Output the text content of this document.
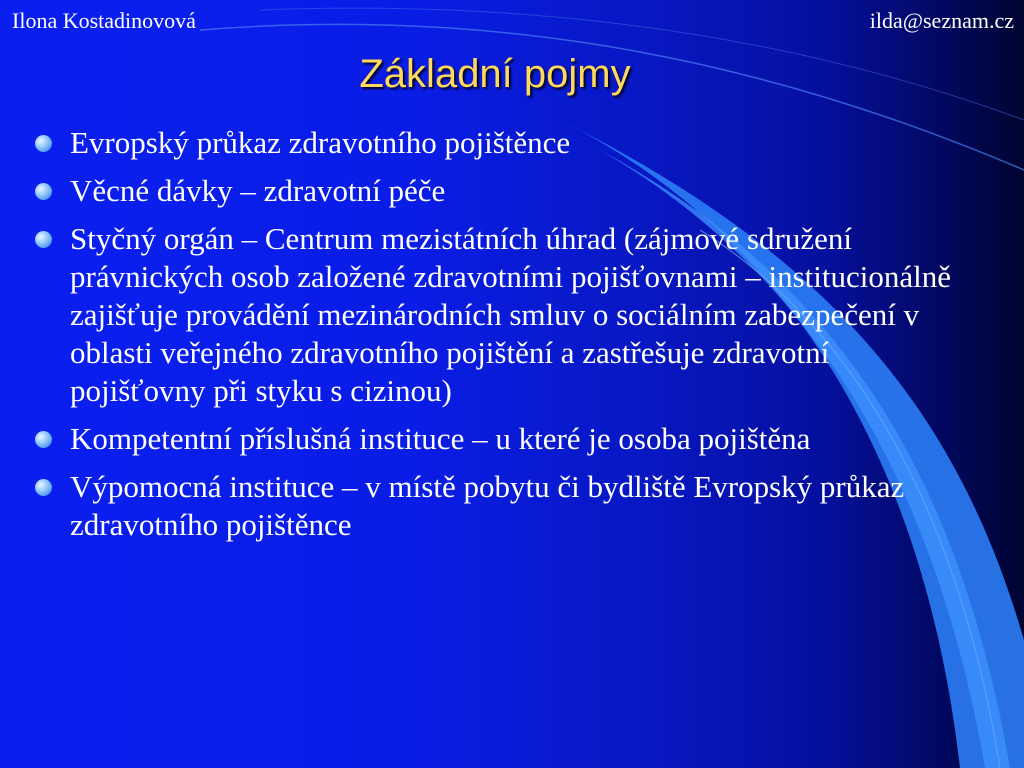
Ilona Kostadinovová	ilda@seznam.cz
Základní pojmy
Evropský průkaz zdravotního pojištěnce
Věcné dávky – zdravotní péče
Styčný orgán – Centrum mezistátních úhrad (zájmové sdružení právnických osob založené zdravotními pojišťovnami – institucionálně zajišťuje provádění mezinárodních smluv o sociálním zabezpečení v oblasti veřejného zdravotního pojištění a zastřešuje zdravotní pojišťovny při styku s cizinou)
Kompetentní příslušná instituce – u které je osoba pojištěna
Výpomocná instituce – v místě pobytu či bydliště Evropský průkaz zdravotního pojištěnce
